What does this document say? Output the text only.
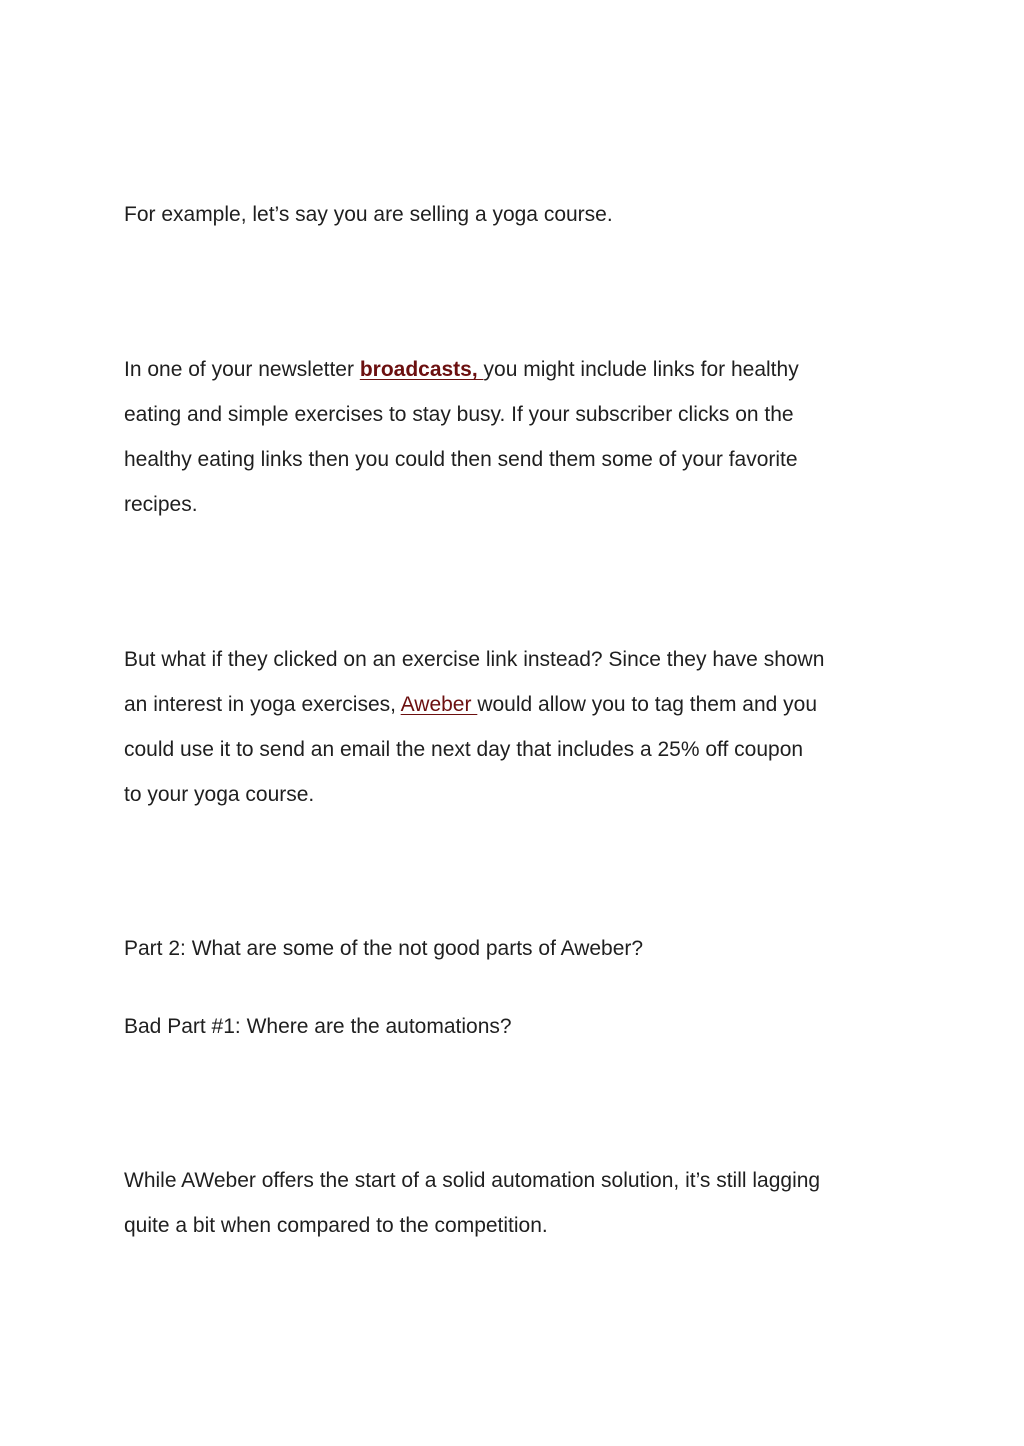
For example, let’s say you are selling a yoga course.

In one of your newsletter broadcasts, you might include links for healthy
eating and simple exercises to stay busy. If your subscriber clicks on the
healthy eating links then you could then send them some of your favorite
recipes.

But what if they clicked on an exercise link instead? Since they have shown
an interest in yoga exercises, Aweber would allow you to tag them and you
could use it to send an email the next day that includes a 25% off coupon
to your yoga course.

Part 2: What are some of the not good parts of Aweber?

Bad Part #1: Where are the automations?

While AWeber offers the start of a solid automation solution, it’s still lagging
quite a bit when compared to the competition.
